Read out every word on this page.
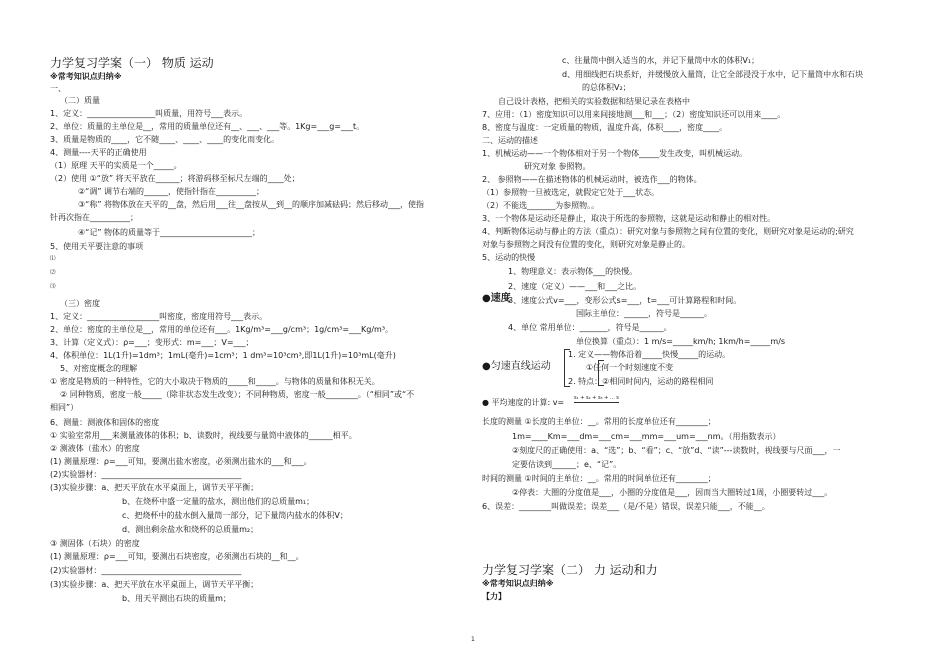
力学复习学案（一） 物质 运动
※常考知识点归纳※
一、
（二）质量
1、定义：_________________叫质量，用符号___表示。
2、单位：质量的主单位是__，常用的质量单位还有__、___、___等。1Kg=___g=___t。
3、质量是物质的____，它不随____、____、____的变化而变化。
4、测量----天平的正确使用
（1）原理 天平的实质是一个_____。
（2）使用 ①“放” 将天平放在______；将游码移至标尺左端的____处；
②“调” 调节右端的______，使指针指在__________；
③“称” 将物体放在天平的__盘，然后用___往__盘按从__到__的顺序加减砝码；然后移动___，使指
针再次指在__________；
④“记” 物体的质量等于_______________________；
5、使用天平要注意的事项
⑴
⑵
⑶
（三）密度
1、定义：__________________叫密度，密度用符号___表示。
2、单位：密度的主单位是__，常用的单位还有___。1Kg/m³=___g/cm³；1g/cm³=___Kg/m³。
3、计算（定义式）：ρ=___；变形式：m=___；V=___；
4、体积单位：1L(1升)=1dm³；1mL(毫升)=1cm³；1 dm³=10³cm³,即1L(1升)=10³mL(毫升)
5、对密度概念的理解
① 密度是物质的一种特性，它的大小取决于物质的_____和_____。与物体的质量和体积无关。
② 同种物质，密度一般_____（除非状态发生改变）；不同种物质，密度一般________。（“相同”或“不
相同”）
6、测量：测液体和固体的密度
① 实验室常用___来测量液体的体积；b、读数时，视线要与量筒中液体的______相平。
② 测液体（盐水）的密度
(1) 测量原理：ρ=___可知，要测出盐水密度，必须测出盐水的___和___。
(2)实验器材：___________________________________
(3)实验步骤：a、把天平放在水平桌面上，调节天平平衡；
b、在烧杯中盛一定量的盐水，测出他们的总质量m₁；
c、把烧杯中的盐水倒入量筒一部分，记下量筒内盐水的体积V；
d、测出剩余盐水和烧杯的总质量m₂；
③ 测固体（石块）的密度
(1) 测量原理：ρ=___可知，要测出石块密度，必须测出石块的__和__。
(2)实验器材：___________________________________
(3)实验步骤：a、把天平放在水平桌面上，调节天平平衡；
b、用天平测出石块的质量m；
c、往量筒中倒入适当的水，并记下量筒中水的体积V₁；
d、用细线把石块系好，并缓慢放入量筒，让它全部浸没于水中，记下量筒中水和石块
的总体积V₂；
自己设计表格，把相关的实验数据和结果记录在表格中
7、应用：（1）密度知识可以用来间接地测___和___；（2）密度知识还可以用来____。
8、密度与温度：一定质量的物质，温度升高，体积____，密度____。
二、运动的描述
1、机械运动——一个物体相对于另一个物体_____发生改变，叫机械运动。
研究对象 参照物。
2、 参照物——在描述物体的机械运动时，被选作___的物体。
（1）参照物一旦被选定，就假定它处于___状态。
（2）不能选_______为参照物。。
3、一个物体是运动还是静止，取决于所选的参照物，这就是运动和静止的相对性。
4、判断物体运动与静止的方法（重点）：研究对象与参照物之间有位置的变化，则研究对象是运动的;研究
对象与参照物之间没有位置的变化，则研究对象是静止的。
5、运动的快慢
1、物理意义：表示物体___的快慢。
2、速度（定义）——___和___之比。
3、速度公式v=___，变形公式s=___，t=___可计算路程和时间。
国际主单位：______，符号是______。
4、单位 常用单位：_______，符号是______。
单位换算（重点）：1 m/s=_____km/h; 1km/h=_____m/s
1. 定义——物体沿着_____快慢_____的运动。
①任何一个时刻速度不变
2. 特点：②相同时间内，运动的路程相同
● 平均速度的计算: v=
长度的测量 ①长度的主单位：__。常用的长度单位还有________；
1m=____Km=___dm=___cm=___mm=___um=___nm。（用指数表示）
②刻度尺的正确使用：a、“选”；b、“看”；c、“放”d、“读”---读数时，视线要与尺面___，一
定要估读到______；e、“记”。
时间的测量 ①时间的主单位：__。常用的时间单位还有________；
②停表：大圈的分度值是___，小圈的分度值是___，因而当大圈转过1周，小圈要转过___。
6、误差：________叫做误差；误差___（是/不是）错误，误差只能___，不能__。
力学复习学案（二） 力 运动和力
※常考知识点归纳※
【力】
●速度
●匀速直线运动
s₁ + s₂ + s₃ + ... s
1
